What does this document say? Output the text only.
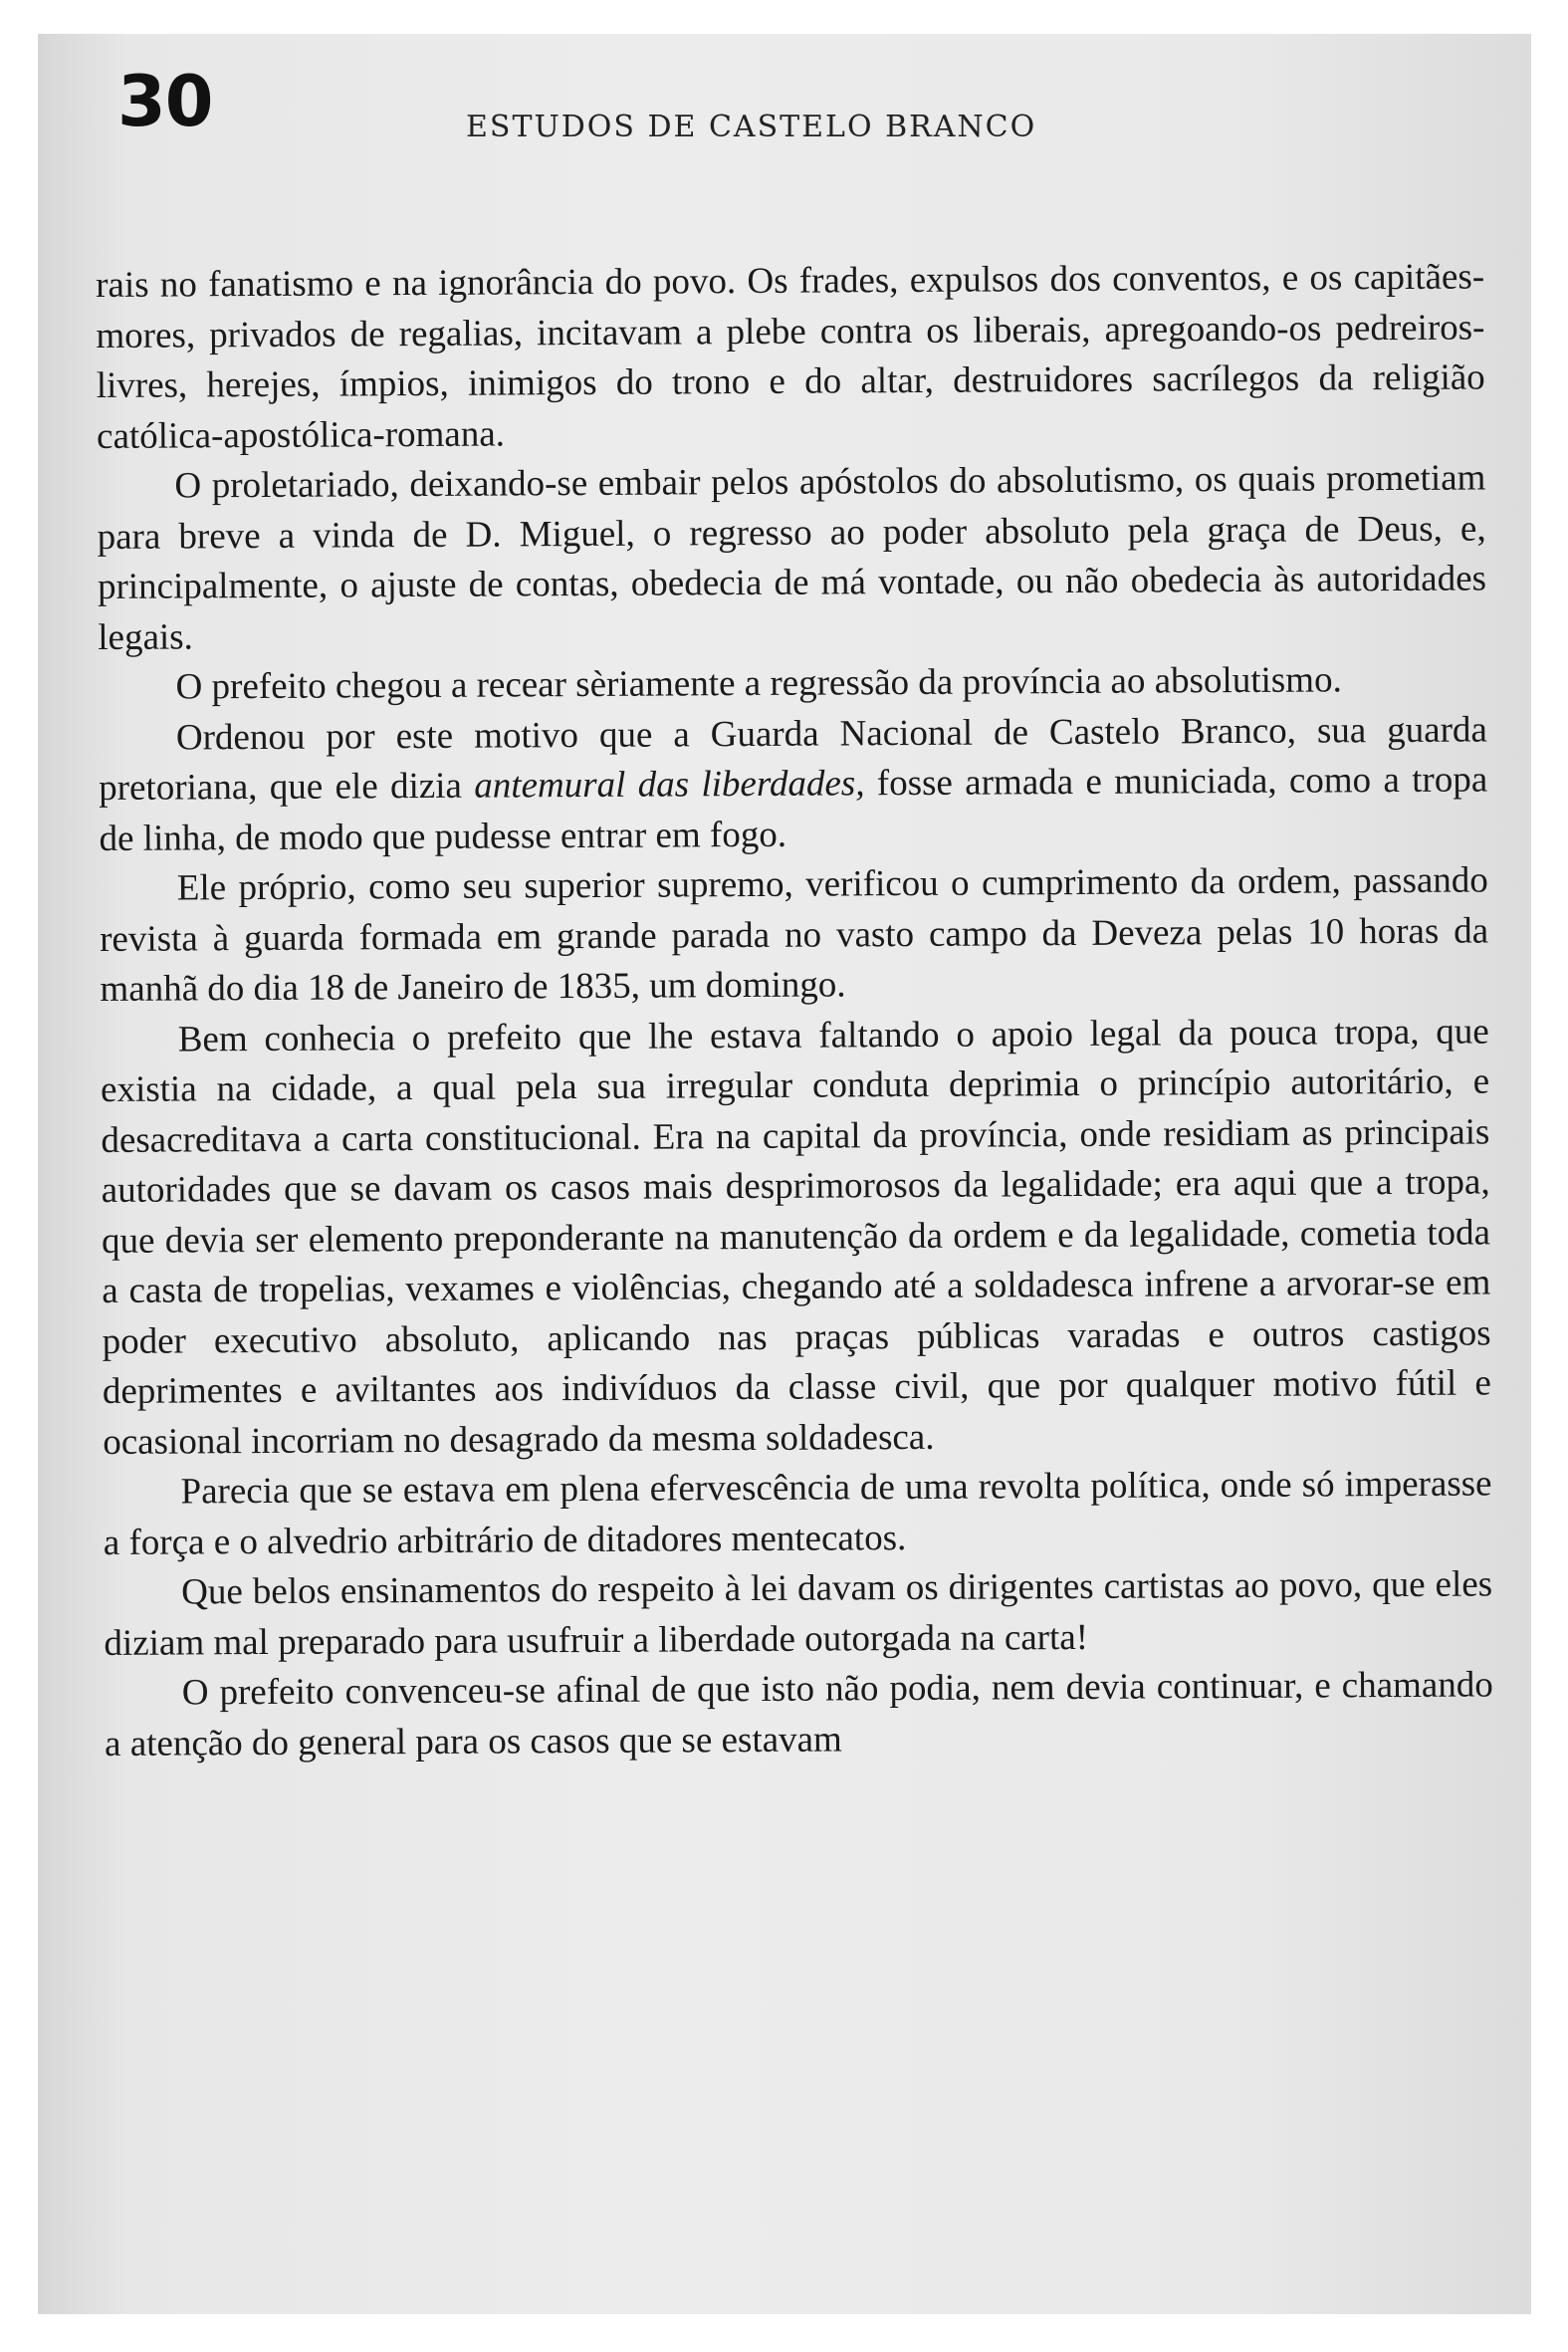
30	ESTUDOS DE CASTELO BRANCO

rais no fanatismo e na ignorância do povo. Os frades, expulsos dos conventos, e os capitães-mores, privados de regalias, incitavam a plebe contra os liberais, apregoando-os pedreiros-livres, herejes, ímpios, inimigos do trono e do altar, destruidores sacrílegos da religião católica-apostólica-romana.

O proletariado, deixando-se embair pelos apóstolos do absolutismo, os quais prometiam para breve a vinda de D. Miguel, o regresso ao poder absoluto pela graça de Deus, e, principalmente, o ajuste de contas, obedecia de má vontade, ou não obedecia às autoridades legais.

O prefeito chegou a recear sèriamente a regressão da província ao absolutismo.

Ordenou por este motivo que a Guarda Nacional de Castelo Branco, sua guarda pretoriana, que ele dizia antemural das liberdades, fosse armada e municiada, como a tropa de linha, de modo que pudesse entrar em fogo.

Ele próprio, como seu superior supremo, verificou o cumprimento da ordem, passando revista à guarda formada em grande parada no vasto campo da Deveza pelas 10 horas da manhã do dia 18 de Janeiro de 1835, um domingo.

Bem conhecia o prefeito que lhe estava faltando o apoio legal da pouca tropa, que existia na cidade, a qual pela sua irregular conduta deprimia o princípio autoritário, e desacreditava a carta constitucional. Era na capital da província, onde residiam as principais autoridades que se davam os casos mais desprimorosos da legalidade; era aqui que a tropa, que devia ser elemento preponderante na manutenção da ordem e da legalidade, cometia toda a casta de tropelias, vexames e violências, chegando até a soldadesca infrene a arvorar-se em poder executivo absoluto, aplicando nas praças públicas varadas e outros castigos deprimentes e aviltantes aos indivíduos da classe civil, que por qualquer motivo fútil e ocasional incorriam no desagrado da mesma soldadesca.

Parecia que se estava em plena efervescência de uma revolta política, onde só imperasse a força e o alvedrio arbitrário de ditadores mentecatos.

Que belos ensinamentos do respeito à lei davam os dirigentes cartistas ao povo, que eles diziam mal preparado para usufruir a liberdade outorgada na carta!

O prefeito convenceu-se afinal de que isto não podia, nem devia continuar, e chamando a atenção do general para os casos que se estavam
